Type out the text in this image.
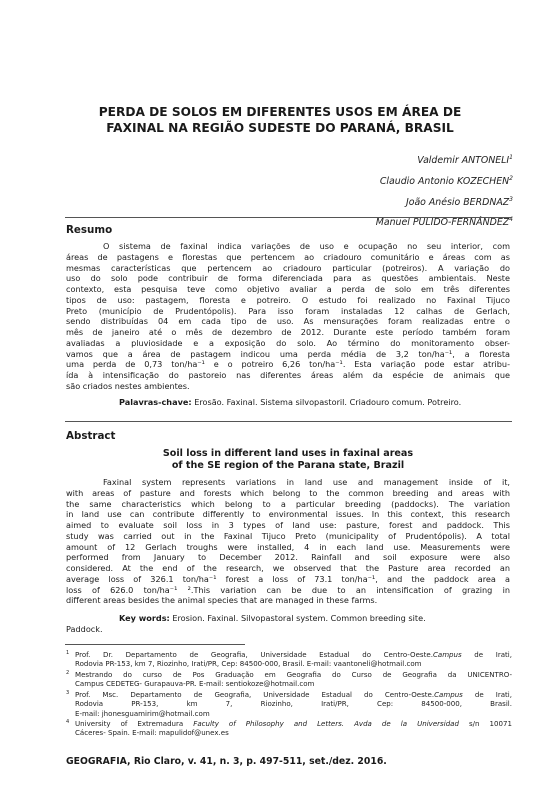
PERDA DE SOLOS EM DIFERENTES USOS EM ÁREA DE
FAXINAL NA REGIÃO SUDESTE DO PARANÁ, BRASIL
Valdemir ANTONELI$^1$
Claudio Antonio KOZECHEN$^2$
João Anésio BERDNAZ$^3$
Manuel PULIDO-FERNÁNDEZ$^4$
Resumo
O sistema de faxinal indica variações de uso e ocupação no seu interior, com
áreas de pastagens e florestas que pertencem ao criadouro comunitário e áreas com as
mesmas características que pertencem ao criadouro particular (potreiros). A variação do
uso do solo pode contribuir de forma diferenciada para as questões ambientais. Neste
contexto, esta pesquisa teve como objetivo avaliar a perda de solo em três diferentes
tipos de uso: pastagem, floresta e potreiro. O estudo foi realizado no Faxinal Tijuco
Preto (município de Prudentópolis). Para isso foram instaladas 12 calhas de Gerlach,
sendo distribuídas 04 em cada tipo de uso. As mensurações foram realizadas entre o
mês de janeiro até o mês de dezembro de 2012. Durante este período também foram
avaliadas a pluviosidade e a exposição do solo. Ao término do monitoramento obser-
vamos que a área de pastagem indicou uma perda média de 3,2 ton/ha⁻¹, a floresta
uma perda de 0,73 ton/ha⁻¹ e o potreiro 6,26 ton/ha⁻¹. Esta variação pode estar atribu-
ída à intensificação do pastoreio nas diferentes áreas além da espécie de animais que
são criados nestes ambientes.
Palavras-chave: Erosão. Faxinal. Sistema silvopastoril. Criadouro comum. Potreiro.
Abstract
Soil loss in different land uses in faxinal areas
of the SE region of the Parana state, Brazil
Faxinal system represents variations in land use and management inside of it,
with areas of pasture and forests which belong to the common breeding and areas with
the same characteristics which belong to a particular breeding (paddocks). The variation
in land use can contribute differently to environmental issues. In this context, this research
aimed to evaluate soil loss in 3 types of land use: pasture, forest and paddock. This
study was carried out in the Faxinal Tijuco Preto (municipality of Prudentópolis). A total
amount of 12 Gerlach troughs were installed, 4 in each land use. Measurements were
performed from January to December 2012. Rainfall and soil exposure were also
considered. At the end of the research, we observed that the Pasture area recorded an
average loss of 326.1 ton/ha⁻¹ forest a loss of 73.1 ton/ha⁻¹, and the paddock area a
loss of 626.0 ton/ha⁻¹ ².This variation can be due to an intensification of grazing in
different areas besides the animal species that are managed in these farms.
Key words: Erosion. Faxinal. Silvopastoral system. Common breeding site.
Paddock.
1 Prof. Dr. Departamento de Geografia, Universidade Estadual do Centro-Oeste.Campus de Irati,
Rodovia PR-153, km 7, Riozinho, Irati/PR, Cep: 84500-000, Brasil. E-mail: vaantoneli@hotmail.com
2 Mestrando do curso de Pos Graduação em Geografia do Curso de Geografia da UNICENTRO-
Campus CEDETEG- Gurapauva-PR. E-mail: sentiokoze@hotmail.com
3 Prof. Msc. Departamento de Geografia, Universidade Estadual do Centro-Oeste.Campus de Irati,
Rodovia PR-153, km 7, Riozinho, Irati/PR, Cep: 84500-000, Brasil.
E-mail: jhonesguamirim@hotmail.com
4 University of Extremadura Faculty of Philosophy and Letters. Avda de la Universidad s/n 10071
Cáceres- Spain. E-mail: mapulidof@unex.es
GEOGRAFIA, Rio Claro, v. 41, n. 3, p. 497-511, set./dez. 2016.
